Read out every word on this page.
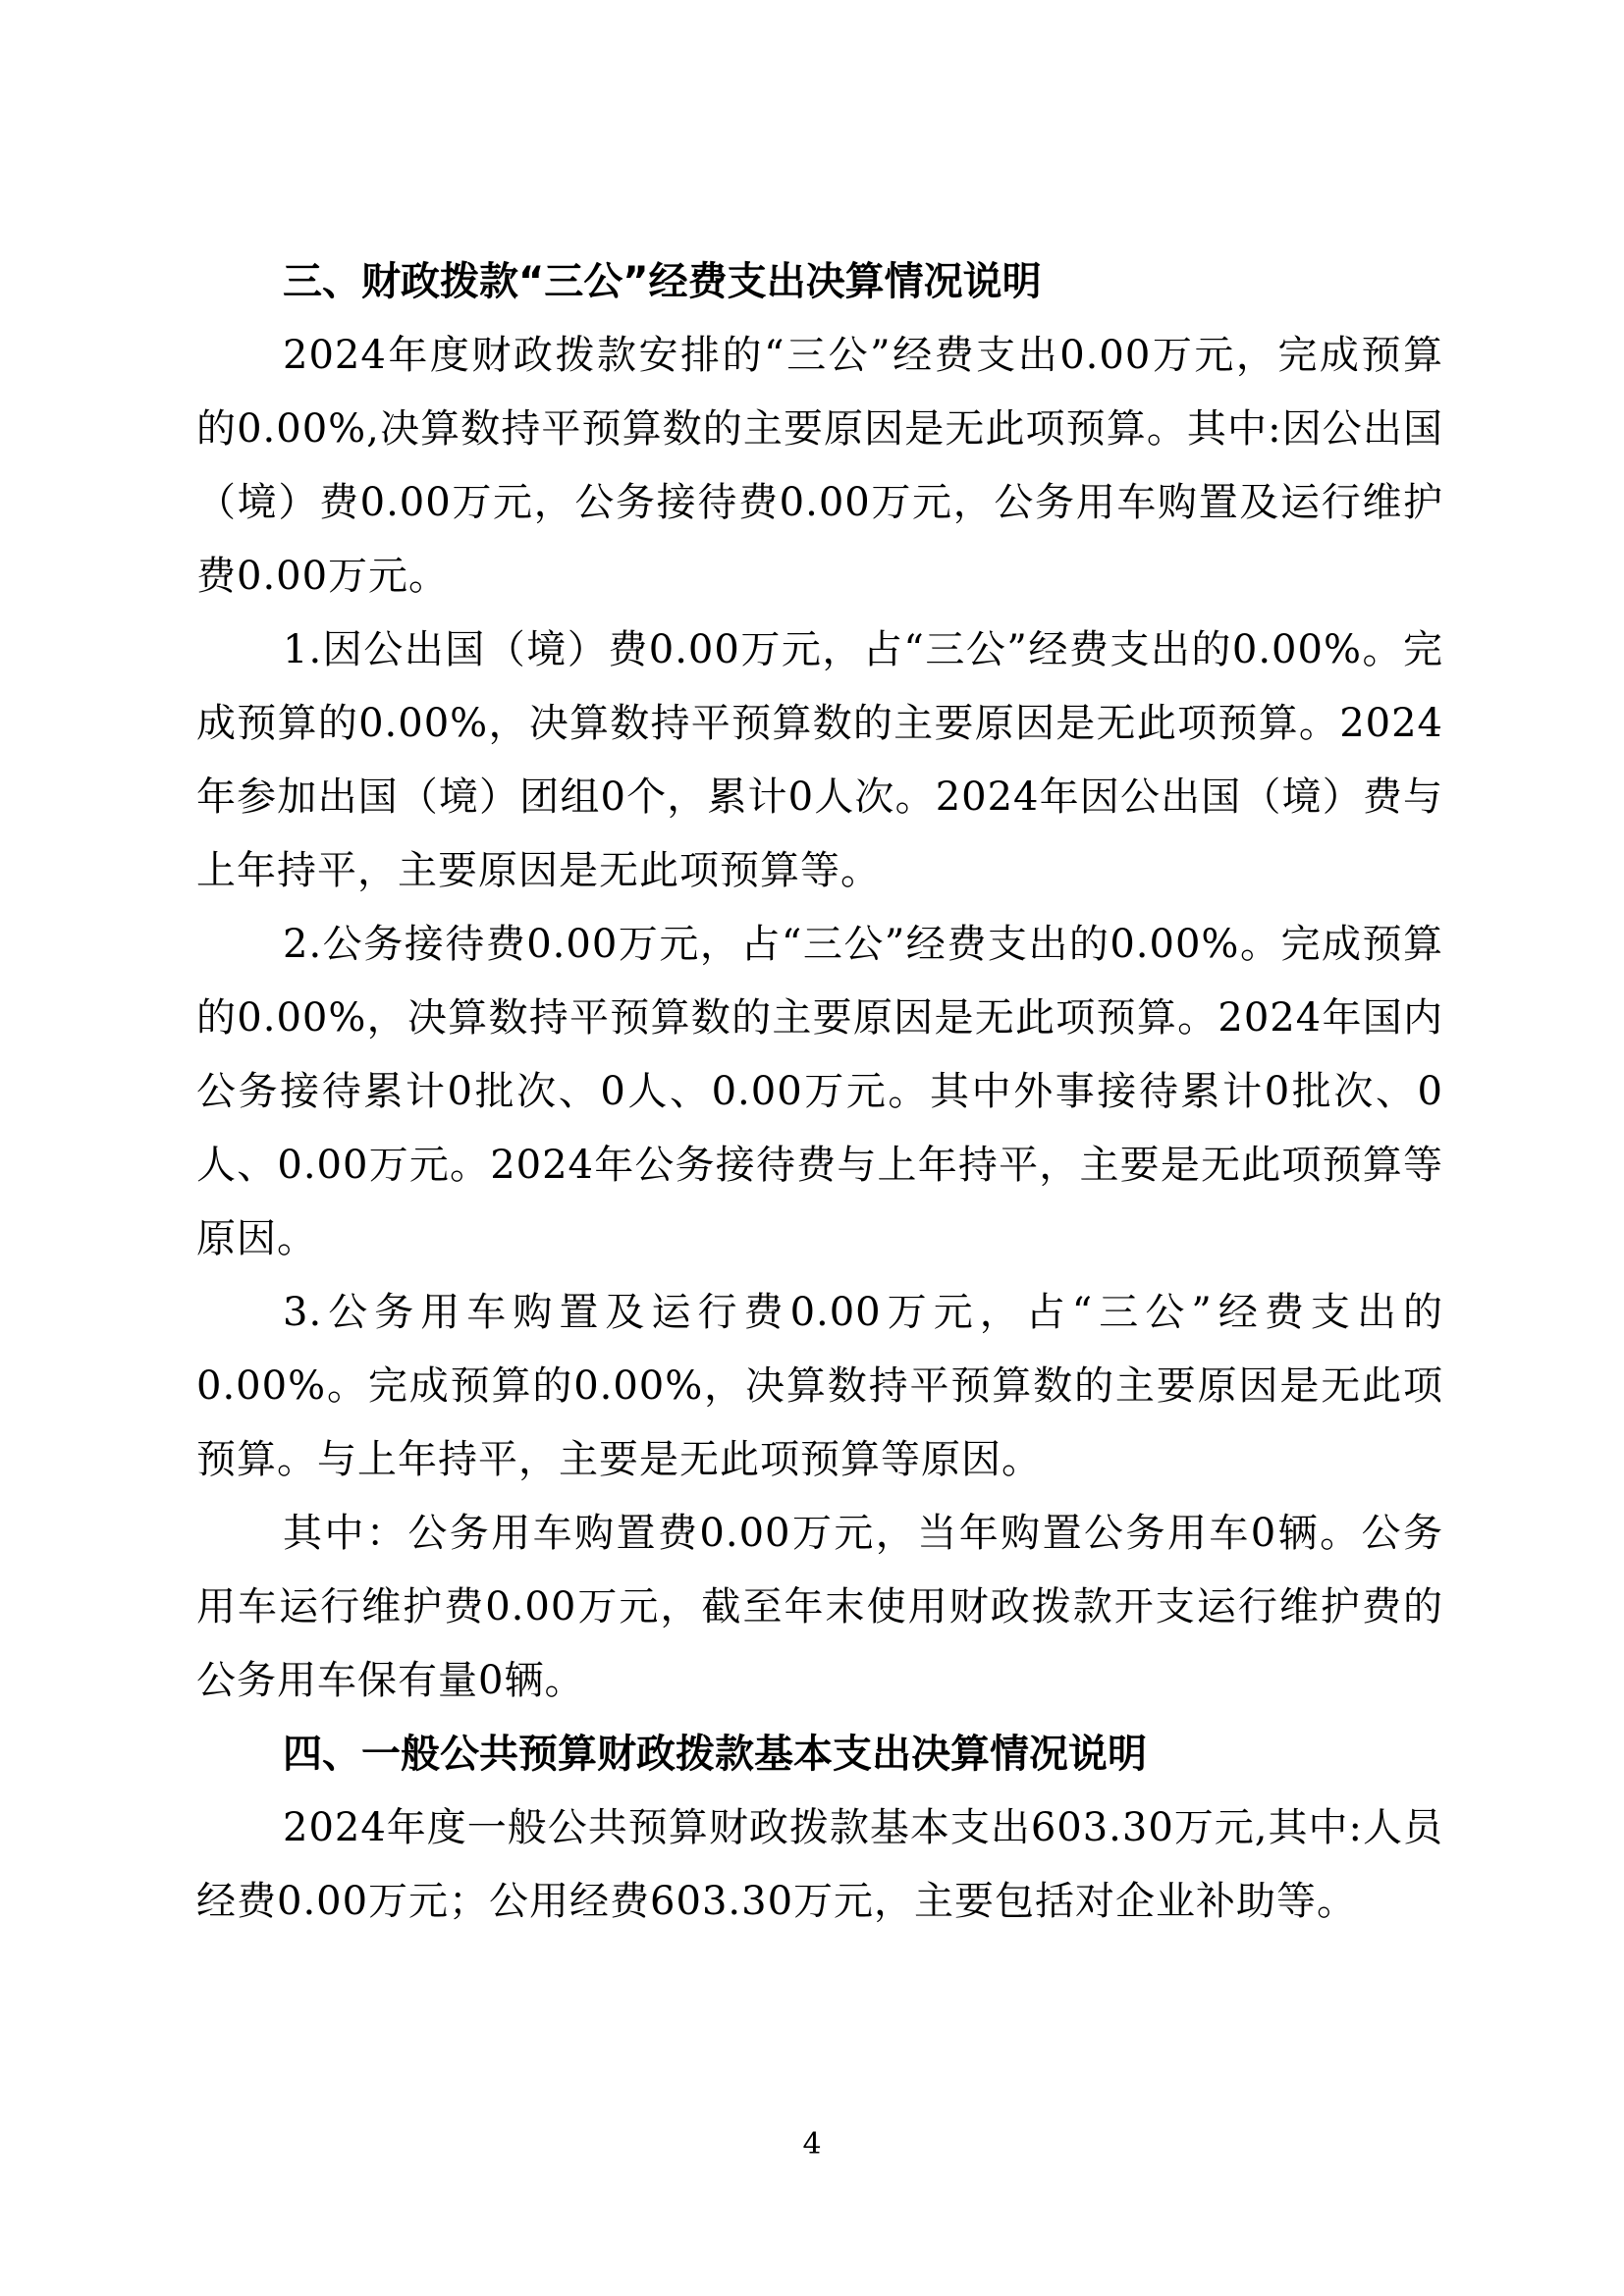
三、财政拨款“三公”经费支出决算情况说明

2024年度财政拨款安排的“三公”经费支出0.00万元，完成预算的0.00%,决算数持平预算数的主要原因是无此项预算。其中:因公出国（境）费0.00万元，公务接待费0.00万元，公务用车购置及运行维护费0.00万元。

1.因公出国（境）费0.00万元，占“三公”经费支出的0.00%。完成预算的0.00%，决算数持平预算数的主要原因是无此项预算。2024年参加出国（境）团组0个，累计0人次。2024年因公出国（境）费与上年持平，主要原因是无此项预算等。

2.公务接待费0.00万元，占“三公”经费支出的0.00%。完成预算的0.00%，决算数持平预算数的主要原因是无此项预算。2024年国内公务接待累计0批次、0人、0.00万元。其中外事接待累计0批次、0人、0.00万元。2024年公务接待费与上年持平，主要是无此项预算等原因。

3.公务用车购置及运行费0.00万元，占“三公”经费支出的0.00%。完成预算的0.00%，决算数持平预算数的主要原因是无此项预算。与上年持平，主要是无此项预算等原因。

其中：公务用车购置费0.00万元，当年购置公务用车0辆。公务用车运行维护费0.00万元，截至年末使用财政拨款开支运行维护费的公务用车保有量0辆。

四、一般公共预算财政拨款基本支出决算情况说明

2024年度一般公共预算财政拨款基本支出603.30万元,其中:人员经费0.00万元；公用经费603.30万元，主要包括对企业补助等。

4
